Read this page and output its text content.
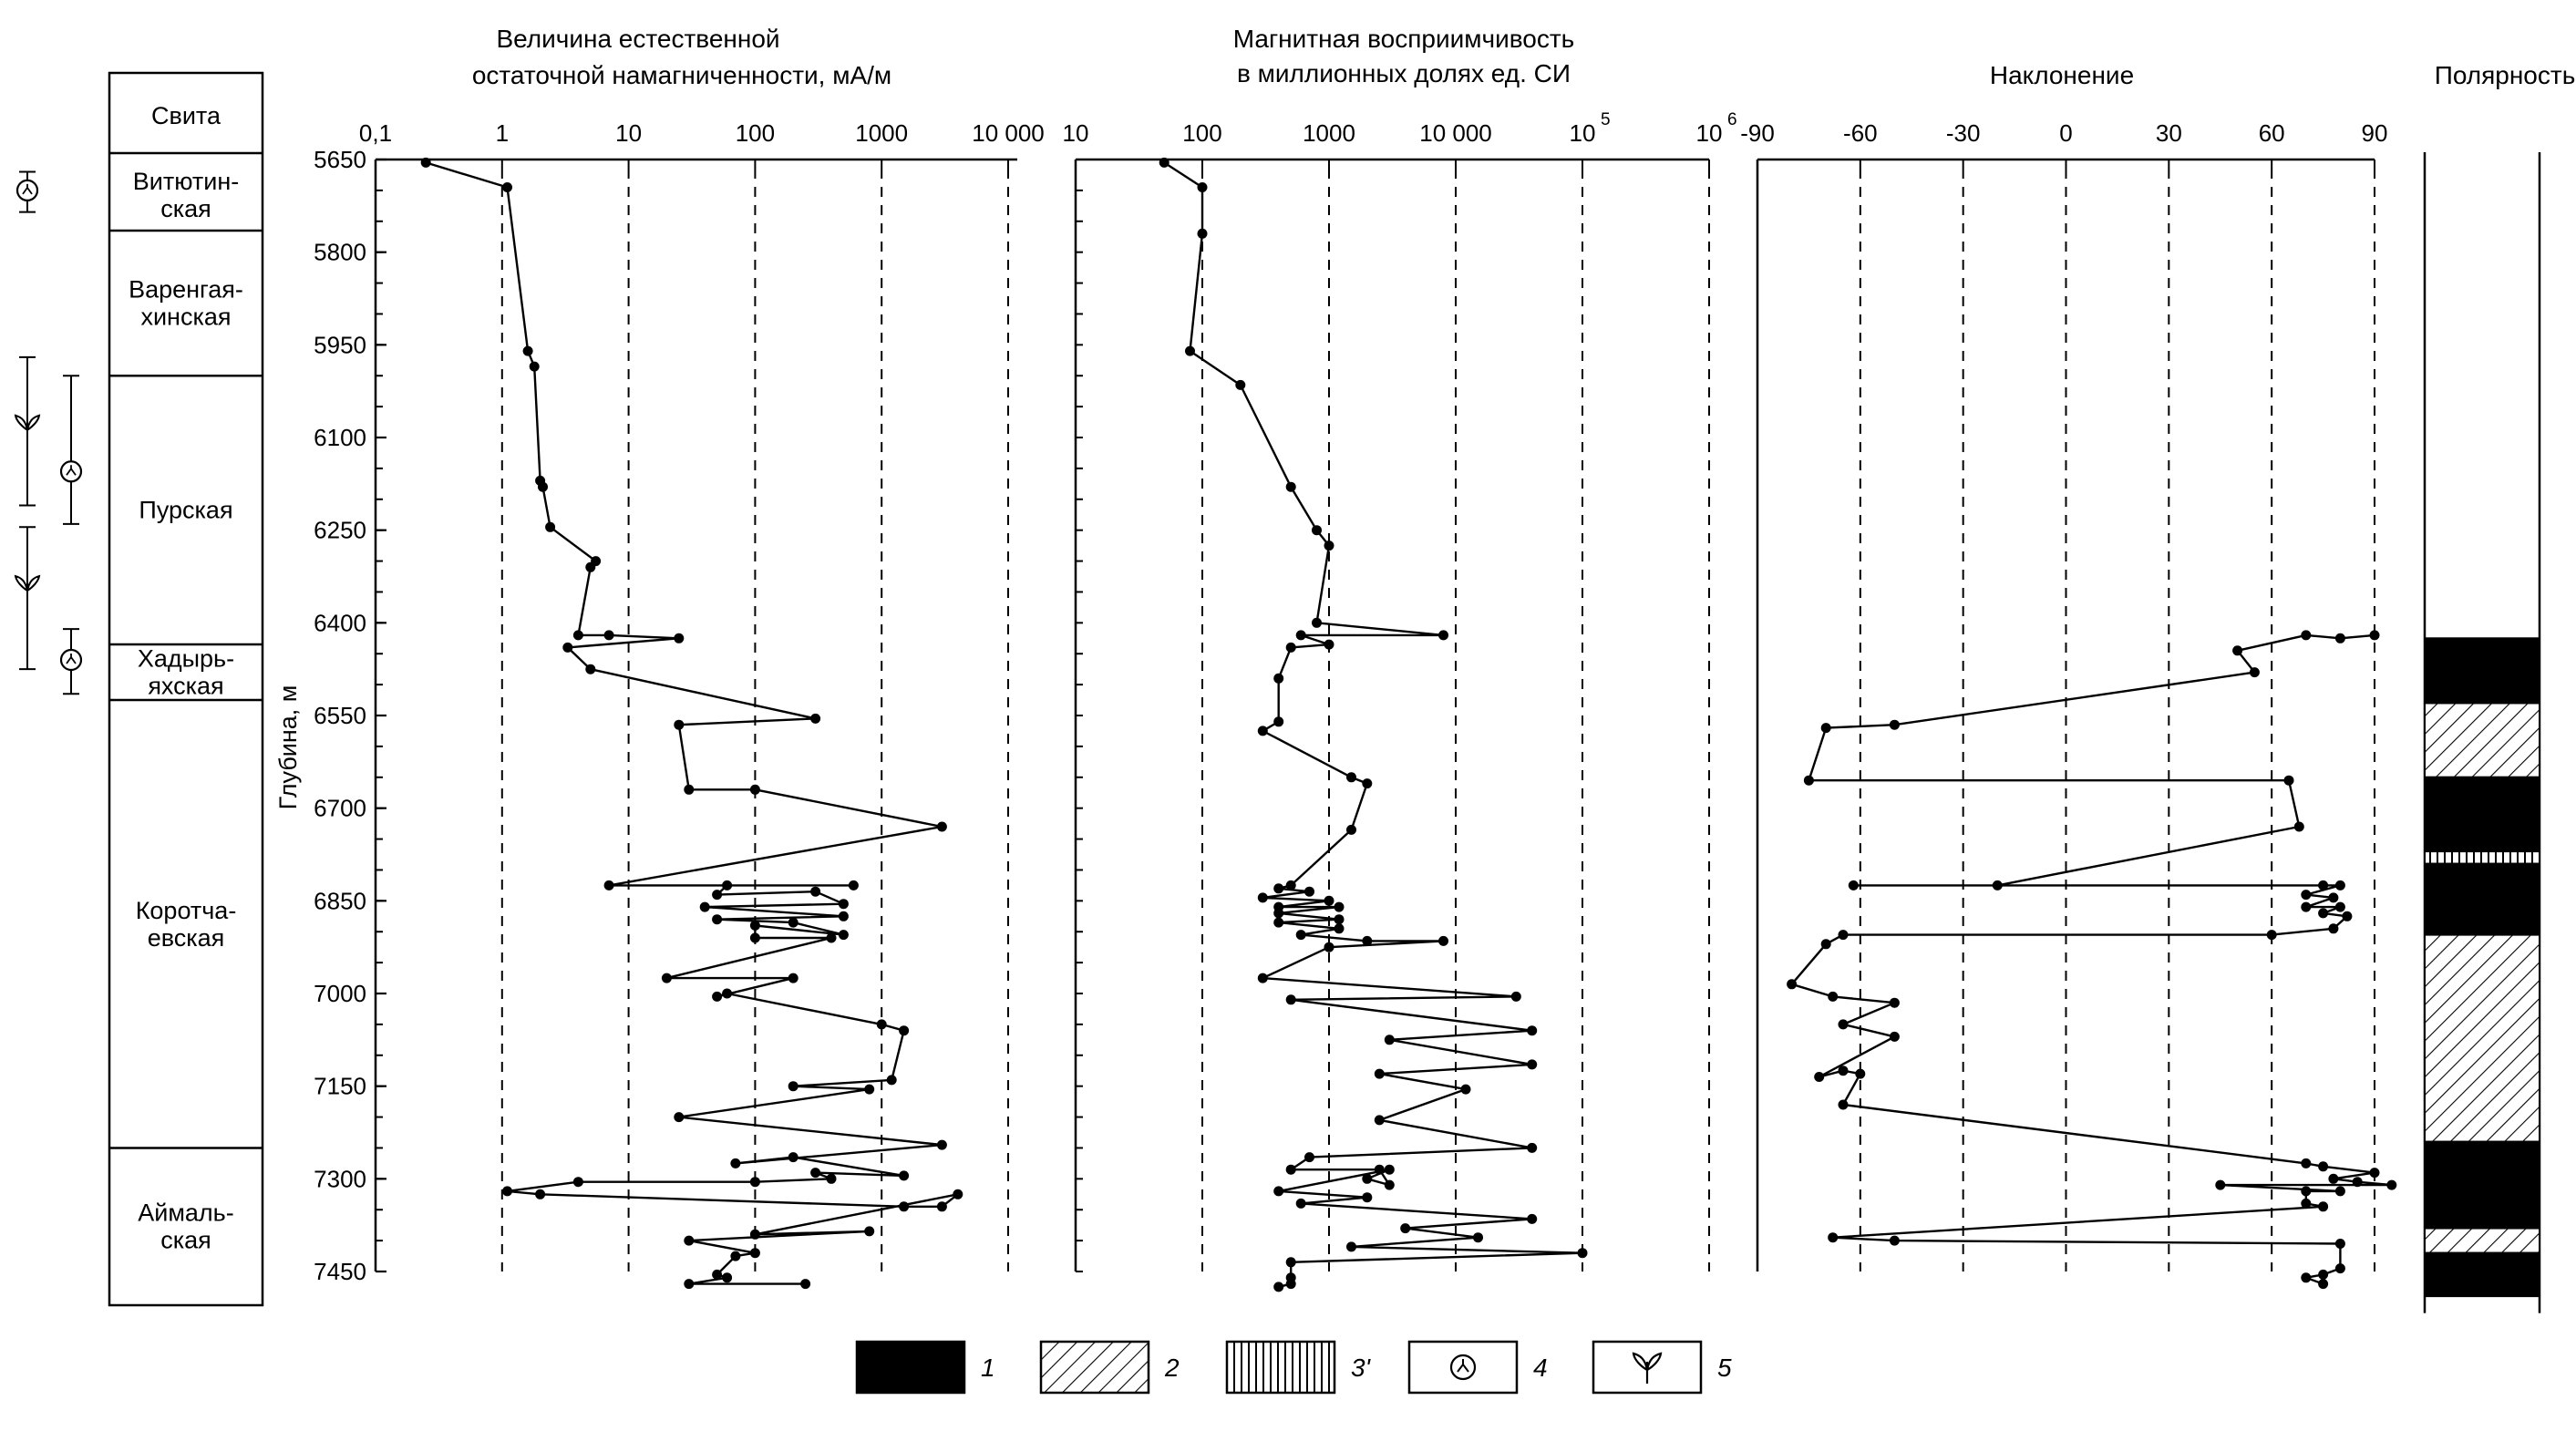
Свита
Витютин-
ская
Варенгая-
хинская
Пурская
Хадырь-
яхская
Коротча-
евская
Аймаль-
ская
Величина естественной
остаточной намагниченности, мА/м
Глубина, м
5650
5800
5950
6100
6250
6400
6550
6700
6850
7000
7150
7300
7450
0,1	1	10	100	1000	10 000
Магнитная восприимчивость
в миллионных долях ед. СИ
10	100	1000	10 000	10 5	10 6
Наклонение
-90	-60	-30	0	30	60	90
Полярность
1	2	3'	4	5
